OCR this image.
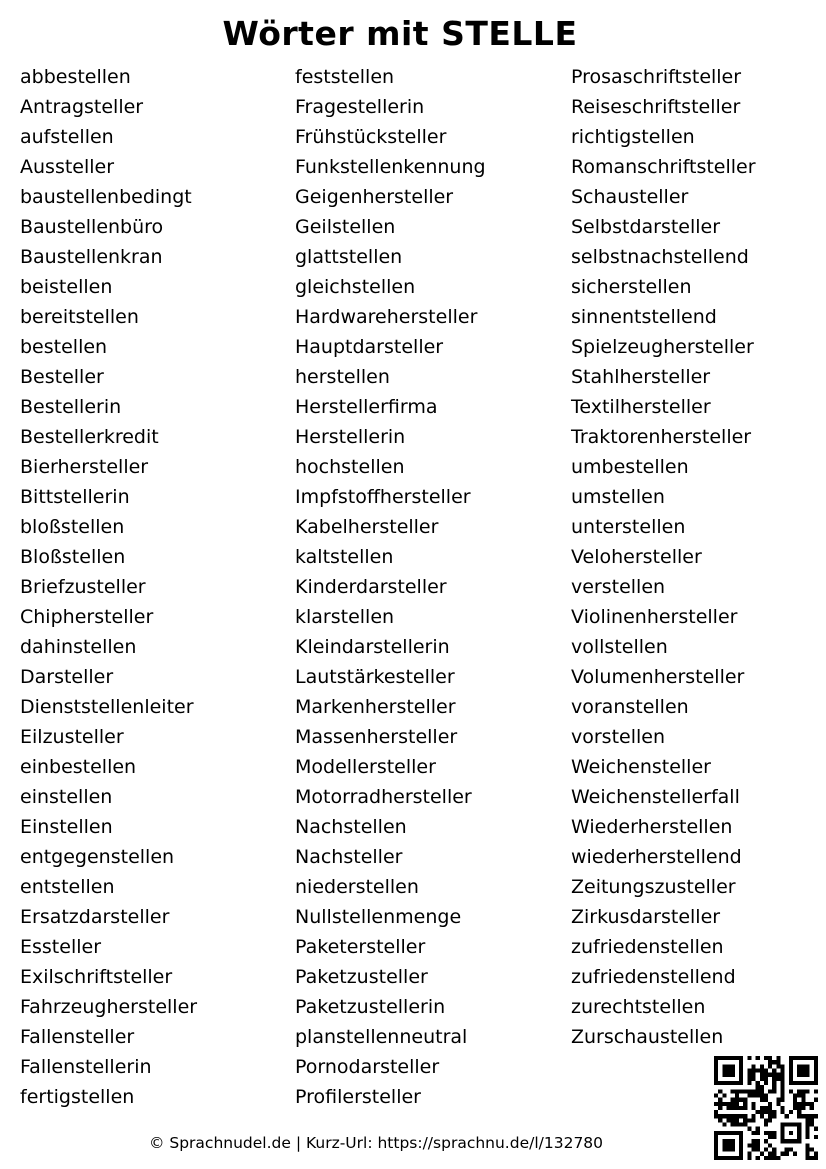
Wörter mit STELLE
abbestellen
Antragsteller
aufstellen
Aussteller
baustellenbedingt
Baustellenbüro
Baustellenkran
beistellen
bereitstellen
bestellen
Besteller
Bestellerin
Bestellerkredit
Bierhersteller
Bittstellerin
bloßstellen
Bloßstellen
Briefzusteller
Chiphersteller
dahinstellen
Darsteller
Dienststellenleiter
Eilzusteller
einbestellen
einstellen
Einstellen
entgegenstellen
entstellen
Ersatzdarsteller
Essteller
Exilschriftsteller
Fahrzeughersteller
Fallensteller
Fallenstellerin
fertigstellen
feststellen
Fragestellerin
Frühstücksteller
Funkstellenkennung
Geigenhersteller
Geilstellen
glattstellen
gleichstellen
Hardwarehersteller
Hauptdarsteller
herstellen
Herstellerfirma
Herstellerin
hochstellen
Impfstoffhersteller
Kabelhersteller
kaltstellen
Kinderdarsteller
klarstellen
Kleindarstellerin
Lautstärkesteller
Markenhersteller
Massenhersteller
Modellersteller
Motorradhersteller
Nachstellen
Nachsteller
niederstellen
Nullstellenmenge
Paketersteller
Paketzusteller
Paketzustellerin
planstellenneutral
Pornodarsteller
Profilersteller
Prosaschriftsteller
Reiseschriftsteller
richtigstellen
Romanschriftsteller
Schausteller
Selbstdarsteller
selbstnachstellend
sicherstellen
sinnentstellend
Spielzeughersteller
Stahlhersteller
Textilhersteller
Traktorenhersteller
umbestellen
umstellen
unterstellen
Velohersteller
verstellen
Violinenhersteller
vollstellen
Volumenhersteller
voranstellen
vorstellen
Weichensteller
Weichenstellerfall
Wiederherstellen
wiederherstellend
Zeitungszusteller
Zirkusdarsteller
zufriedenstellen
zufriedenstellend
zurechtstellen
Zurschaustellen
© Sprachnudel.de | Kurz-Url: https://sprachnu.de/l/132780
